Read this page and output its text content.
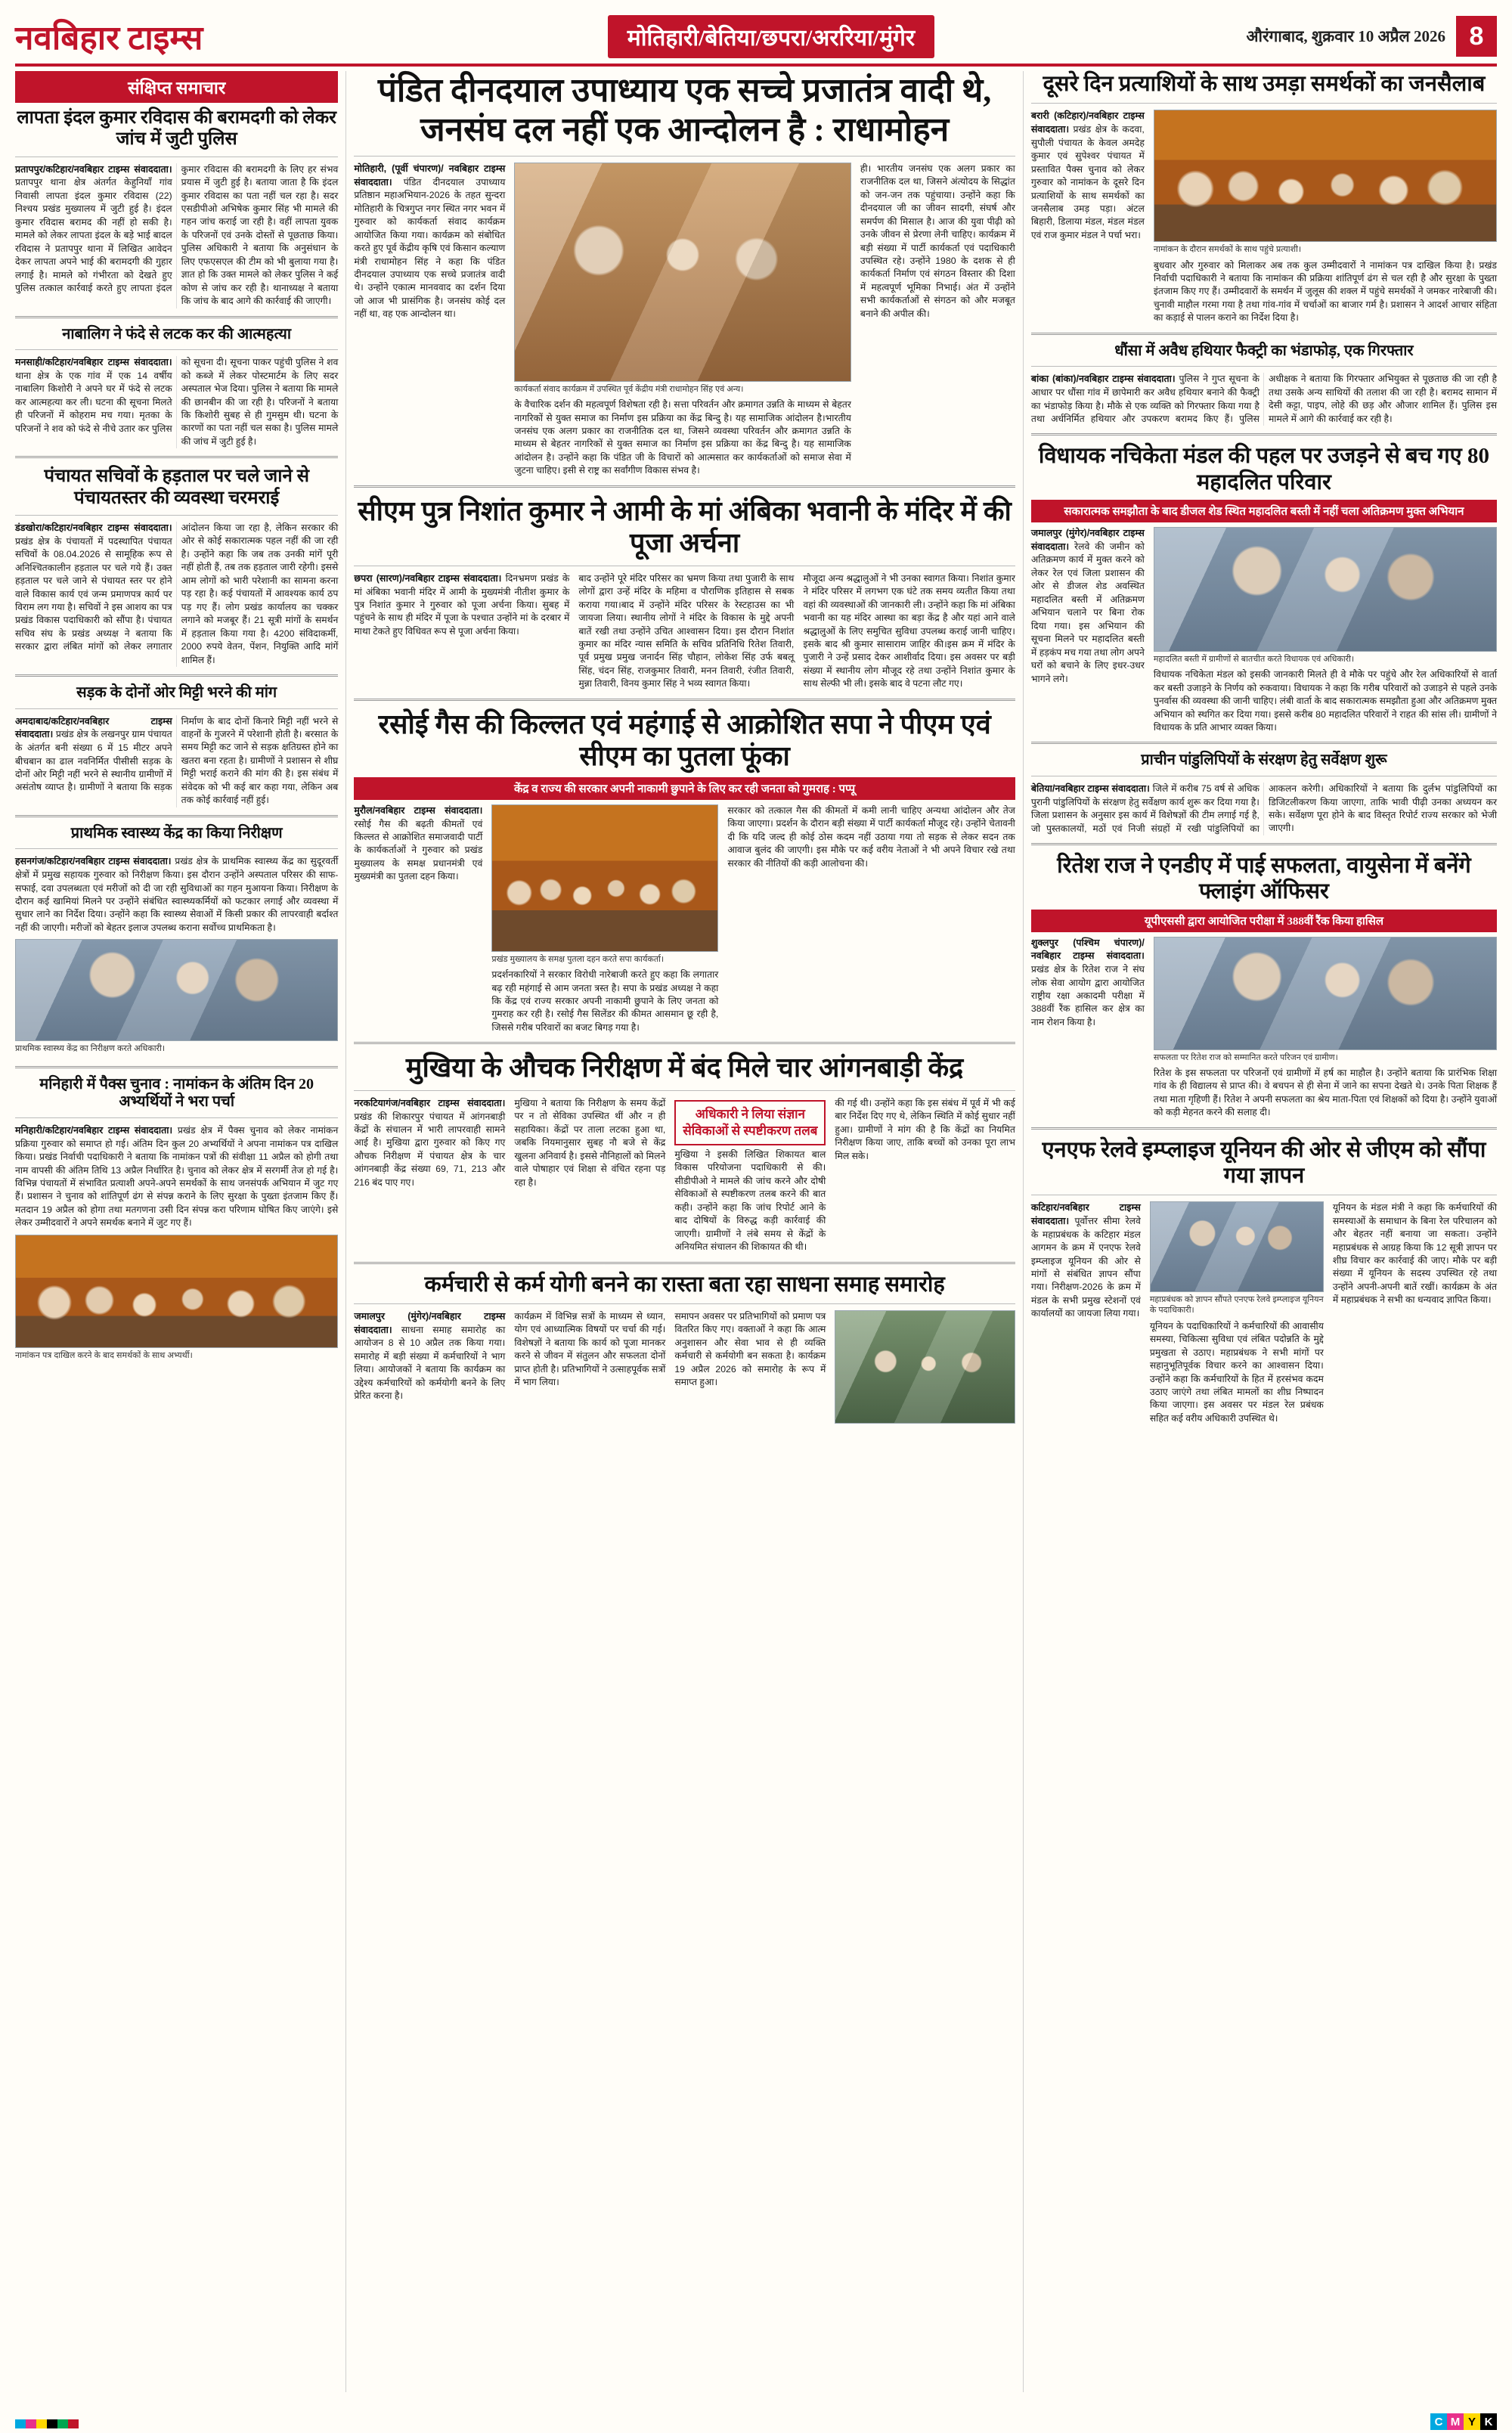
नवबिहार टाइम्स	मोतिहारी/बेतिया/छपरा/अररिया/मुंगेर	औरंगाबाद, शुक्रवार 10 अप्रैल 2026 8
संक्षिप्त समाचार
लापता इंदल कुमार रविदास की बरामदगी को लेकर जांच में जुटी पुलिस
प्रतापपुर/कटिहार/नवबिहार टाइम्स संवाददाता। प्रतापपुर थाना क्षेत्र अंतर्गत केहुनियाँ गांव निवासी लापता इंदल कुमार रविदास (22) निश्चय प्रखंड मुख्यालय में जुटी हुई है। इंदल कुमार रविदास बरामद की नहीं हो सकी है। मामले को लेकर लापता इंदल के बड़े भाई बादल रविदास ने प्रतापपुर थाना में लिखित आवेदन देकर लापता अपने भाई की बरामदगी की गुहार लगाई है। मामले को गंभीरता को देखते हुए पुलिस तत्काल कार्रवाई करते हुए लापता इंदल कुमार रविदास की बरामदगी के लिए हर संभव प्रयास में जुटी हुई है। बताया जाता है कि इंदल कुमार रविदास का पता नहीं चल रहा है। सदर एसडीपीओ अभिषेक कुमार सिंह भी मामले की गहन जांच कराई जा रही है। वहीं लापता युवक के परिजनों एवं उनके दोस्तों से पूछताछ किया। पुलिस अधिकारी ने बताया कि अनुसंधान के लिए एफएसएल की टीम को भी बुलाया गया है।ज्ञात हो कि उक्त मामले को लेकर पुलिस ने कई कोण से जांच कर रही है। थानाध्यक्ष ने बताया कि जांच के बाद आगे की कार्रवाई की जाएगी।
नाबालिग ने फंदे से लटक कर की आत्महत्या
मनसाही/कटिहार/नवबिहार टाइम्स संवाददाता। थाना क्षेत्र के एक गांव में एक 14 वर्षीय नाबालिग किशोरी ने अपने घर में फंदे से लटक कर आत्महत्या कर ली। घटना की सूचना मिलते ही परिजनों में कोहराम मच गया। मृतका के परिजनों ने शव को फंदे से नीचे उतार कर पुलिस को सूचना दी। सूचना पाकर पहुंची पुलिस ने शव को कब्जे में लेकर पोस्टमार्टम के लिए सदर अस्पताल भेज दिया। पुलिस ने बताया कि मामले की छानबीन की जा रही है। परिजनों ने बताया कि किशोरी सुबह से ही गुमसुम थी। घटना के कारणों का पता नहीं चल सका है। पुलिस मामले की जांच में जुटी हुई है।
पंचायत सचिवों के हड़ताल पर चले जाने से पंचायतस्तर की व्यवस्था चरमराई
डंडखोरा/कटिहार/नवबिहार टाइम्स संवाददाता। प्रखंड क्षेत्र के पंचायतों में पदस्थापित पंचायत सचिवों के 08.04.2026 से सामूहिक रूप से अनिश्चितकालीन हड़ताल पर चले गये हैं। उक्त हड़ताल पर चले जाने से पंचायत स्तर पर होने वाले विकास कार्य एवं जन्म प्रमाणपत्र कार्य पर विराम लग गया है। सचिवों ने इस आशय का पत्र प्रखंड विकास पदाधिकारी को सौंपा है। पंचायत सचिव संघ के प्रखंड अध्यक्ष ने बताया कि सरकार द्वारा लंबित मांगों को लेकर लगातार आंदोलन किया जा रहा है, लेकिन सरकार की ओर से कोई सकारात्मक पहल नहीं की जा रही है। उन्होंने कहा कि जब तक उनकी मांगें पूरी नहीं होती हैं, तब तक हड़ताल जारी रहेगी। इससे आम लोगों को भारी परेशानी का सामना करना पड़ रहा है। कई पंचायतों में आवश्यक कार्य ठप पड़ गए हैं। लोग प्रखंड कार्यालय का चक्कर लगाने को मजबूर हैं। 21 सूत्री मांगों के समर्थन में हड़ताल किया गया है। 4200 संविदाकर्मी, 2000 रुपये वेतन, पेंशन, नियुक्ति आदि मांगें शामिल हैं।
सड़क के दोनों ओर मिट्टी भरने की मांग
अमदाबाद/कटिहार/नवबिहार टाइम्स संवाददाता। प्रखंड क्षेत्र के लखनपुर ग्राम पंचायत के अंतर्गत बनी संख्या 6 में 15 मीटर अपने बीचबान का ढाल नवनिर्मित पीसीसी सड़क के दोनों ओर मिट्टी नहीं भरने से स्थानीय ग्रामीणों में असंतोष व्याप्त है। ग्रामीणों ने बताया कि सड़क निर्माण के बाद दोनों किनारे मिट्टी नहीं भरने से वाहनों के गुजरने में परेशानी होती है। बरसात के समय मिट्टी कट जाने से सड़क क्षतिग्रस्त होने का खतरा बना रहता है। ग्रामीणों ने प्रशासन से शीघ्र मिट्टी भराई कराने की मांग की है। इस संबंध में संवेदक को भी कई बार कहा गया, लेकिन अब तक कोई कार्रवाई नहीं हुई।
प्राथमिक स्वास्थ्य केंद्र का किया निरीक्षण
हसनगंज/कटिहार/नवबिहार टाइम्स संवाददाता। प्रखंड क्षेत्र के प्राथमिक स्वास्थ्य केंद्र का सुदूरवर्ती क्षेत्रों में प्रमुख सहायक गुरुवार को निरीक्षण किया। इस दौरान उन्होंने अस्पताल परिसर की साफ-सफाई, दवा उपलब्धता एवं मरीजों को दी जा रही सुविधाओं का गहन मुआयना किया। निरीक्षण के दौरान कई खामियां मिलने पर उन्होंने संबंधित स्वास्थ्यकर्मियों को फटकार लगाई और व्यवस्था में सुधार लाने का निर्देश दिया। उन्होंने कहा कि स्वास्थ्य सेवाओं में किसी प्रकार की लापरवाही बर्दाश्त नहीं की जाएगी। मरीजों को बेहतर इलाज उपलब्ध कराना सर्वोच्च प्राथमिकता है।
प्राथमिक स्वास्थ्य केंद्र का निरीक्षण करते अधिकारी।
मनिहारी में पैक्स चुनाव : नामांकन के अंतिम दिन 20 अभ्यर्थियों ने भरा पर्चा
मनिहारी/कटिहार/नवबिहार टाइम्स संवाददाता। प्रखंड क्षेत्र में पैक्स चुनाव को लेकर नामांकन प्रक्रिया गुरुवार को समाप्त हो गई। अंतिम दिन कुल 20 अभ्यर्थियों ने अपना नामांकन पत्र दाखिल किया। प्रखंड निर्वाची पदाधिकारी ने बताया कि नामांकन पत्रों की संवीक्षा 11 अप्रैल को होगी तथा नाम वापसी की अंतिम तिथि 13 अप्रैल निर्धारित है। चुनाव को लेकर क्षेत्र में सरगर्मी तेज हो गई है। विभिन्न पंचायतों में संभावित प्रत्याशी अपने-अपने समर्थकों के साथ जनसंपर्क अभियान में जुट गए हैं। प्रशासन ने चुनाव को शांतिपूर्ण ढंग से संपन्न कराने के लिए सुरक्षा के पुख्ता इंतजाम किए हैं। मतदान 19 अप्रैल को होगा तथा मतगणना उसी दिन संपन्न करा परिणाम घोषित किए जाएंगे। इसे लेकर उम्मीदवारों ने अपने समर्थक बनाने में जुट गए हैं।
नामांकन पत्र दाखिल करने के बाद समर्थकों के साथ अभ्यर्थी।
पंडित दीनदयाल उपाध्याय एक सच्चे प्रजातंत्र वादी थे, जनसंघ दल नहीं एक आन्दोलन है : राधामोहन
मोतिहारी, (पूर्वी चंपारण)/ नवबिहार टाइम्स संवाददाता। पंडित दीनदयाल उपाध्याय प्रतिष्ठान महाअभियान-2026 के तहत सुन्दरा मोतिहारी के चित्रगुप्त नगर स्थित नगर भवन में गुरुवार को कार्यकर्ता संवाद कार्यक्रम आयोजित किया गया। कार्यक्रम को संबोधित करते हुए पूर्व केंद्रीय कृषि एवं किसान कल्याण मंत्री राधामोहन सिंह ने कहा कि पंडित दीनदयाल उपाध्याय एक सच्चे प्रजातंत्र वादी थे। उन्होंने एकात्म मानववाद का दर्शन दिया जो आज भी प्रासंगिक है। जनसंघ कोई दल नहीं था, वह एक आन्दोलन था।
कार्यकर्ता संवाद कार्यक्रम में उपस्थित पूर्व केंद्रीय मंत्री राधामोहन सिंह एवं अन्य।
के वैचारिक दर्शन की महत्वपूर्ण विशेषता रही है। सत्ता परिवर्तन और क्रमागत उन्नति के माध्यम से बेहतर नागरिकों से युक्त समाज का निर्माण इस प्रक्रिया का केंद्र बिन्दु है। यह सामाजिक आंदोलन है।भारतीय जनसंघ एक अलग प्रकार का राजनीतिक दल था, जिसने व्यवस्था परिवर्तन और क्रमागत उन्नति के माध्यम से बेहतर नागरिकों से युक्त समाज का निर्माण इस प्रक्रिया का केंद्र बिन्दु है। यह सामाजिक आंदोलन है। उन्होंने कहा कि पंडित जी के विचारों को आत्मसात कर कार्यकर्ताओं को समाज सेवा में जुटना चाहिए। इसी से राष्ट्र का सर्वांगीण विकास संभव है।
ही। भारतीय जनसंघ एक अलग प्रकार का राजनीतिक दल था, जिसने अंत्योदय के सिद्धांत को जन-जन तक पहुंचाया। उन्होंने कहा कि दीनदयाल जी का जीवन सादगी, संघर्ष और समर्पण की मिसाल है। आज की युवा पीढ़ी को उनके जीवन से प्रेरणा लेनी चाहिए। कार्यक्रम में बड़ी संख्या में पार्टी कार्यकर्ता एवं पदाधिकारी उपस्थित रहे। उन्होंने 1980 के दशक से ही कार्यकर्ता निर्माण एवं संगठन विस्तार की दिशा में महत्वपूर्ण भूमिका निभाई। अंत में उन्होंने सभी कार्यकर्ताओं से संगठन को और मजबूत बनाने की अपील की।
सीएम पुत्र निशांत कुमार ने आमी के मां अंबिका भवानी के मंदिर में की पूजा अर्चना
छपरा (सारण)/नवबिहार टाइम्स संवाददाता। दिनभ्रमण प्रखंड के मां अंबिका भवानी मंदिर में आमी के मुख्यमंत्री नीतीश कुमार के पुत्र निशांत कुमार ने गुरुवार को पूजा अर्चना किया। सुबह में पहुंचने के साथ ही मंदिर में पूजा के पश्चात उन्होंने मां के दरबार में माथा टेकते हुए विधिवत रूप से पूजा अर्चना किया।
बाद उन्होंने पूरे मंदिर परिसर का भ्रमण किया तथा पुजारी के साथ लोगों द्वारा उन्हें मंदिर के महिमा व पौराणिक इतिहास से सबक कराया गया।बाद में उन्होंने मंदिर परिसर के रेस्टहाउस का भी जायजा लिया। स्थानीय लोगों ने मंदिर के विकास के मुद्दे अपनी बातें रखी तथा उन्होंने उचित आश्वासन दिया। इस दौरान निशांत कुमार का मंदिर न्यास समिति के सचिव प्रतिनिधि रितेश तिवारी, पूर्व प्रमुख प्रमुख जनार्दन सिंह चौहान, लोकेश सिंह उर्फ बबलू सिंह, चंदन सिंह, राजकुमार तिवारी, मनन तिवारी, रंजीत तिवारी, मुन्ना तिवारी, विनय कुमार सिंह ने भव्य स्वागत किया।
मौजूदा अन्य श्रद्धालुओं ने भी उनका स्वागत किया। निशांत कुमार ने मंदिर परिसर में लगभग एक घंटे तक समय व्यतीत किया तथा वहां की व्यवस्थाओं की जानकारी ली। उन्होंने कहा कि मां अंबिका भवानी का यह मंदिर आस्था का बड़ा केंद्र है और यहां आने वाले श्रद्धालुओं के लिए समुचित सुविधा उपलब्ध कराई जानी चाहिए। इसके बाद श्री कुमार सासाराम जाहिर की।इस क्रम में मंदिर के पुजारी ने उन्हें प्रसाद देकर आशीर्वाद दिया। इस अवसर पर बड़ी संख्या में स्थानीय लोग मौजूद रहे तथा उन्होंने निशांत कुमार के साथ सेल्फी भी ली। इसके बाद वे पटना लौट गए।
रसोई गैस की किल्लत एवं महंगाई से आक्रोशित सपा ने पीएम एवं सीएम का पुतला फूंका
केंद्र व राज्य की सरकार अपनी नाकामी छुपाने के लिए कर रही जनता को गुमराह : पप्पू
मुरौल/नवबिहार टाइम्स संवाददाता। रसोई गैस की बढ़ती कीमतों एवं किल्लत से आक्रोशित समाजवादी पार्टी के कार्यकर्ताओं ने गुरुवार को प्रखंड मुख्यालय के समक्ष प्रधानमंत्री एवं मुख्यमंत्री का पुतला दहन किया।
प्रखंड मुख्यालय के समक्ष पुतला दहन करते सपा कार्यकर्ता।
प्रदर्शनकारियों ने सरकार विरोधी नारेबाजी करते हुए कहा कि लगातार बढ़ रही महंगाई से आम जनता त्रस्त है। सपा के प्रखंड अध्यक्ष ने कहा कि केंद्र एवं राज्य सरकार अपनी नाकामी छुपाने के लिए जनता को गुमराह कर रही है। रसोई गैस सिलेंडर की कीमत आसमान छू रही है, जिससे गरीब परिवारों का बजट बिगड़ गया है।
सरकार को तत्काल गैस की कीमतों में कमी लानी चाहिए अन्यथा आंदोलन और तेज किया जाएगा। प्रदर्शन के दौरान बड़ी संख्या में पार्टी कार्यकर्ता मौजूद रहे। उन्होंने चेतावनी दी कि यदि जल्द ही कोई ठोस कदम नहीं उठाया गया तो सड़क से लेकर सदन तक आवाज बुलंद की जाएगी। इस मौके पर कई वरीय नेताओं ने भी अपने विचार रखे तथा सरकार की नीतियों की कड़ी आलोचना की।
मुखिया के औचक निरीक्षण में बंद मिले चार आंगनबाड़ी केंद्र
नरकटियागंज/नवबिहार टाइम्स संवाददाता। प्रखंड की शिकारपुर पंचायत में आंगनबाड़ी केंद्रों के संचालन में भारी लापरवाही सामने आई है। मुखिया द्वारा गुरुवार को किए गए औचक निरीक्षण में पंचायत क्षेत्र के चार आंगनबाड़ी केंद्र संख्या 69, 71, 213 और 216 बंद पाए गए।
मुखिया ने बताया कि निरीक्षण के समय केंद्रों पर न तो सेविका उपस्थित थीं और न ही सहायिका। केंद्रों पर ताला लटका हुआ था, जबकि नियमानुसार सुबह नौ बजे से केंद्र खुलना अनिवार्य है। इससे नौनिहालों को मिलने वाले पोषाहार एवं शिक्षा से वंचित रहना पड़ रहा है।
अधिकारी ने लिया संज्ञान सेविकाओं से स्पष्टीकरण तलब
मुखिया ने इसकी लिखित शिकायत बाल विकास परियोजना पदाधिकारी से की। सीडीपीओ ने मामले की जांच करने और दोषी सेविकाओं से स्पष्टीकरण तलब करने की बात कही। उन्होंने कहा कि जांच रिपोर्ट आने के बाद दोषियों के विरुद्ध कड़ी कार्रवाई की जाएगी। ग्रामीणों ने लंबे समय से केंद्रों के अनियमित संचालन की शिकायत की थी।
की गई थी। उन्होंने कहा कि इस संबंध में पूर्व में भी कई बार निर्देश दिए गए थे, लेकिन स्थिति में कोई सुधार नहीं हुआ। ग्रामीणों ने मांग की है कि केंद्रों का नियमित निरीक्षण किया जाए, ताकि बच्चों को उनका पूरा लाभ मिल सके।
कर्मचारी से कर्म योगी बनने का रास्ता बता रहा साधना समाह समारोह
जमालपुर (मुंगेर)/नवबिहार टाइम्स संवाददाता। साधना समाह समारोह का आयोजन 8 से 10 अप्रैल तक किया गया। समारोह में बड़ी संख्या में कर्मचारियों ने भाग लिया। आयोजकों ने बताया कि कार्यक्रम का उद्देश्य कर्मचारियों को कर्मयोगी बनने के लिए प्रेरित करना है।
कार्यक्रम में विभिन्न सत्रों के माध्यम से ध्यान, योग एवं आध्यात्मिक विषयों पर चर्चा की गई। विशेषज्ञों ने बताया कि कार्य को पूजा मानकर करने से जीवन में संतुलन और सफलता दोनों प्राप्त होती है। प्रतिभागियों ने उत्साहपूर्वक सत्रों में भाग लिया।
समापन अवसर पर प्रतिभागियों को प्रमाण पत्र वितरित किए गए। वक्ताओं ने कहा कि आत्म अनुशासन और सेवा भाव से ही व्यक्ति कर्मचारी से कर्मयोगी बन सकता है। कार्यक्रम 19 अप्रैल 2026 को समारोह के रूप में समाप्त हुआ।
दूसरे दिन प्रत्याशियों के साथ उमड़ा समर्थकों का जनसैलाब
बरारी (कटिहार)/नवबिहार टाइम्स संवाददाता। प्रखंड क्षेत्र के कदवा, सुपौली पंचायत के केवल अमदेह कुमार एवं सुपेश्वर पंचायत में प्रस्तावित पैक्स चुनाव को लेकर गुरुवार को नामांकन के दूसरे दिन प्रत्याशियों के साथ समर्थकों का जनसैलाब उमड़ पड़ा। अंटल बिहारी, डिलाया मंडल, मंडल मंडल एवं राज कुमार मंडल ने पर्चा भरा।
नामांकन के दौरान समर्थकों के साथ पहुंचे प्रत्याशी।
बुधवार और गुरुवार को मिलाकर अब तक कुल उम्मीदवारों ने नामांकन पत्र दाखिल किया है। प्रखंड निर्वाची पदाधिकारी ने बताया कि नामांकन की प्रक्रिया शांतिपूर्ण ढंग से चल रही है और सुरक्षा के पुख्ता इंतजाम किए गए हैं। उम्मीदवारों के समर्थन में जुलूस की शक्ल में पहुंचे समर्थकों ने जमकर नारेबाजी की। चुनावी माहौल गरमा गया है तथा गांव-गांव में चर्चाओं का बाजार गर्म है। प्रशासन ने आदर्श आचार संहिता का कड़ाई से पालन कराने का निर्देश दिया है।
धौंसा में अवैध हथियार फैक्ट्री का भंडाफोड़, एक गिरफ्तार
बांका (बांका)/नवबिहार टाइम्स संवाददाता। पुलिस ने गुप्त सूचना के आधार पर धौंसा गांव में छापेमारी कर अवैध हथियार बनाने की फैक्ट्री का भंडाफोड़ किया है। मौके से एक व्यक्ति को गिरफ्तार किया गया है तथा अर्धनिर्मित हथियार और उपकरण बरामद किए हैं। पुलिस अधीक्षक ने बताया कि गिरफ्तार अभियुक्त से पूछताछ की जा रही है तथा उसके अन्य साथियों की तलाश की जा रही है। बरामद सामान में देसी कट्टा, पाइप, लोहे की छड़ और औजार शामिल हैं। पुलिस इस मामले में आगे की कार्रवाई कर रही है।
विधायक नचिकेता मंडल की पहल पर उजड़ने से बच गए 80 महादलित परिवार
सकारात्मक समझौता के बाद डीजल शेड स्थित महादलित बस्ती में नहीं चला अतिक्रमण मुक्त अभियान
जमालपुर (मुंगेर)/नवबिहार टाइम्स संवाददाता। रेलवे की जमीन को अतिक्रमण कार्य में मुक्त करने को लेकर रेल एवं जिला प्रशासन की ओर से डीजल शेड अवस्थित महादलित बस्ती में अतिक्रमण अभियान चलाने पर बिना रोक दिया गया। इस अभियान की सूचना मिलने पर महादलित बस्ती में हड़कंप मच गया तथा लोग अपने घरों को बचाने के लिए इधर-उधर भागने लगे।
महादलित बस्ती में ग्रामीणों से बातचीत करते विधायक एवं अधिकारी।
विधायक नचिकेता मंडल को इसकी जानकारी मिलते ही वे मौके पर पहुंचे और रेल अधिकारियों से वार्ता कर बस्ती उजाड़ने के निर्णय को रुकवाया। विधायक ने कहा कि गरीब परिवारों को उजाड़ने से पहले उनके पुनर्वास की व्यवस्था की जानी चाहिए। लंबी वार्ता के बाद सकारात्मक समझौता हुआ और अतिक्रमण मुक्त अभियान को स्थगित कर दिया गया। इससे करीब 80 महादलित परिवारों ने राहत की सांस ली। ग्रामीणों ने विधायक के प्रति आभार व्यक्त किया।
प्राचीन पांडुलिपियों के संरक्षण हेतु सर्वेक्षण शुरू
बेतिया/नवबिहार टाइम्स संवाददाता। जिले में करीब 75 वर्ष से अधिक पुरानी पांडुलिपियों के संरक्षण हेतु सर्वेक्षण कार्य शुरू कर दिया गया है। जिला प्रशासन के अनुसार इस कार्य में विशेषज्ञों की टीम लगाई गई है, जो पुस्तकालयों, मठों एवं निजी संग्रहों में रखी पांडुलिपियों का आकलन करेगी। अधिकारियों ने बताया कि दुर्लभ पांडुलिपियों का डिजिटलीकरण किया जाएगा, ताकि भावी पीढ़ी उनका अध्ययन कर सके। सर्वेक्षण पूरा होने के बाद विस्तृत रिपोर्ट राज्य सरकार को भेजी जाएगी।
रितेश राज ने एनडीए में पाई सफलता, वायुसेना में बनेंगे फ्लाइंग ऑफिसर
यूपीएससी द्वारा आयोजित परीक्षा में 388वीं रैंक किया हासिल
शुक्लपुर (पश्चिम चंपारण)/ नवबिहार टाइम्स संवाददाता। प्रखंड क्षेत्र के रितेश राज ने संघ लोक सेवा आयोग द्वारा आयोजित राष्ट्रीय रक्षा अकादमी परीक्षा में 388वीं रैंक हासिल कर क्षेत्र का नाम रोशन किया है।
सफलता पर रितेश राज को सम्मानित करते परिजन एवं ग्रामीण।
रितेश के इस सफलता पर परिजनों एवं ग्रामीणों में हर्ष का माहौल है। उन्होंने बताया कि प्रारंभिक शिक्षा गांव के ही विद्यालय से प्राप्त की। वे बचपन से ही सेना में जाने का सपना देखते थे। उनके पिता शिक्षक हैं तथा माता गृहिणी हैं। रितेश ने अपनी सफलता का श्रेय माता-पिता एवं शिक्षकों को दिया है। उन्होंने युवाओं को कड़ी मेहनत करने की सलाह दी।
एनएफ रेलवे इम्प्लाइज यूनियन की ओर से जीएम को सौंपा गया ज्ञापन
कटिहार/नवबिहार टाइम्स संवाददाता। पूर्वोत्तर सीमा रेलवे के महाप्रबंधक के कटिहार मंडल आगमन के क्रम में एनएफ रेलवे इम्प्लाइज यूनियन की ओर से मांगों से संबंधित ज्ञापन सौंपा गया। निरीक्षण-2026 के क्रम में मंडल के सभी प्रमुख स्टेशनों एवं कार्यालयों का जायजा लिया गया।
महाप्रबंधक को ज्ञापन सौंपते एनएफ रेलवे इम्प्लाइज यूनियन के पदाधिकारी।
यूनियन के पदाधिकारियों ने कर्मचारियों की आवासीय समस्या, चिकित्सा सुविधा एवं लंबित पदोन्नति के मुद्दे प्रमुखता से उठाए। महाप्रबंधक ने सभी मांगों पर सहानुभूतिपूर्वक विचार करने का आश्वासन दिया। उन्होंने कहा कि कर्मचारियों के हित में हरसंभव कदम उठाए जाएंगे तथा लंबित मामलों का शीघ्र निष्पादन किया जाएगा। इस अवसर पर मंडल रेल प्रबंधक सहित कई वरीय अधिकारी उपस्थित थे।
यूनियन के मंडल मंत्री ने कहा कि कर्मचारियों की समस्याओं के समाधान के बिना रेल परिचालन को और बेहतर नहीं बनाया जा सकता। उन्होंने महाप्रबंधक से आग्रह किया कि 12 सूत्री ज्ञापन पर शीघ्र विचार कर कार्रवाई की जाए। मौके पर बड़ी संख्या में यूनियन के सदस्य उपस्थित रहे तथा उन्होंने अपनी-अपनी बातें रखीं। कार्यक्रम के अंत में महाप्रबंधक ने सभी का धन्यवाद ज्ञापित किया।
C M Y K
